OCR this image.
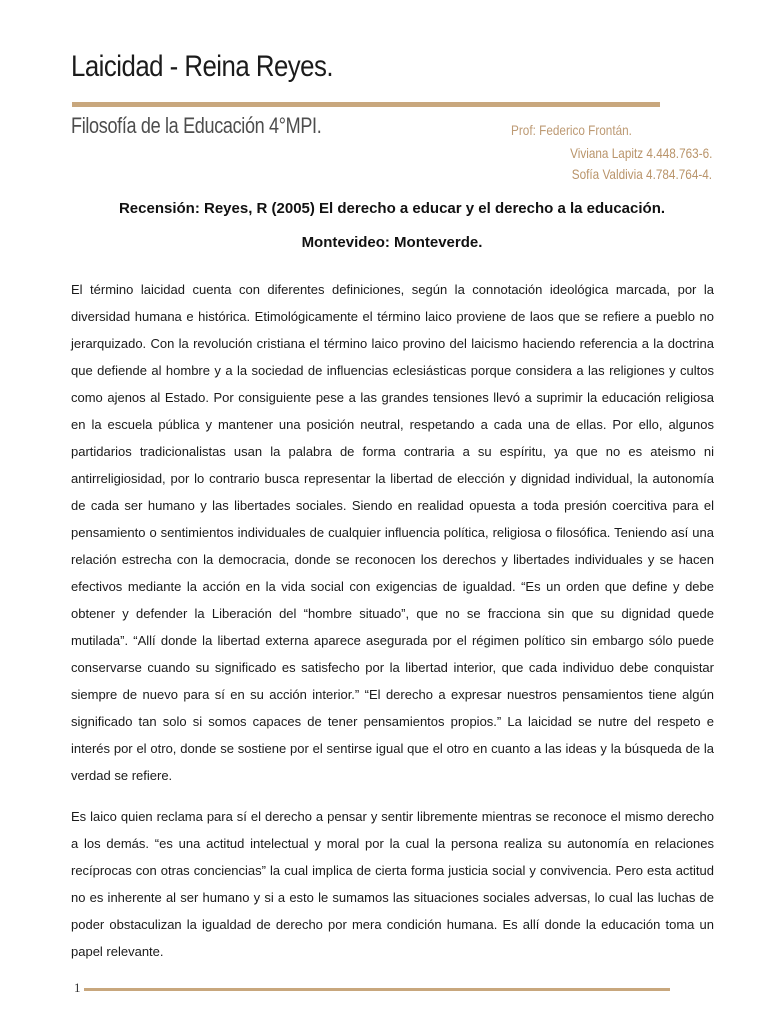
Laicidad - Reina Reyes.
Filosofía de la Educación 4°MPI.	Prof: Federico Frontán.
Viviana Lapitz 4.448.763-6.
Sofía Valdivia 4.784.764-4.
Recensión: Reyes, R (2005) El derecho a educar y el derecho a la educación.
Montevideo: Monteverde.

El término laicidad cuenta con diferentes definiciones, según la connotación ideológica marcada, por la diversidad humana e histórica. Etimológicamente el término laico proviene de laos que se refiere a pueblo no jerarquizado. Con la revolución cristiana el término laico provino del laicismo haciendo referencia a la doctrina que defiende al hombre y a la sociedad de influencias eclesiásticas porque considera a las religiones y cultos como ajenos al Estado. Por consiguiente pese a las grandes tensiones llevó a suprimir la educación religiosa en la escuela pública y mantener una posición neutral, respetando a cada una de ellas. Por ello, algunos partidarios tradicionalistas usan la palabra de forma contraria a su espíritu, ya que no es ateismo ni antirreligiosidad, por lo contrario busca representar la libertad de elección y dignidad individual, la autonomía de cada ser humano y las libertades sociales. Siendo en realidad opuesta a toda presión coercitiva para el pensamiento o sentimientos individuales de cualquier influencia política, religiosa o filosófica. Teniendo así una relación estrecha con la democracia, donde se reconocen los derechos y libertades individuales y se hacen efectivos mediante la acción en la vida social con exigencias de igualdad. “Es un orden que define y debe obtener y defender la Liberación del “hombre situado”, que no se fracciona sin que su dignidad quede mutilada”. “Allí donde la libertad externa aparece asegurada por el régimen político sin embargo sólo puede conservarse cuando su significado es satisfecho por la libertad interior, que cada individuo debe conquistar siempre de nuevo para sí en su acción interior.” “El derecho a expresar nuestros pensamientos tiene algún significado tan solo si somos capaces de tener pensamientos propios.” La laicidad se nutre del respeto e interés por el otro, donde se sostiene por el sentirse igual que el otro en cuanto a las ideas y la búsqueda de la verdad se refiere.

Es laico quien reclama para sí el derecho a pensar y sentir libremente mientras se reconoce el mismo derecho a los demás. “es una actitud intelectual y moral por la cual la persona realiza su autonomía en relaciones recíprocas con otras conciencias” la cual implica de cierta forma justicia social y convivencia. Pero esta actitud no es inherente al ser humano y si a esto le sumamos las situaciones sociales adversas, lo cual las luchas de poder obstaculizan la igualdad de derecho por mera condición humana. Es allí donde la educación toma un papel relevante.

1
